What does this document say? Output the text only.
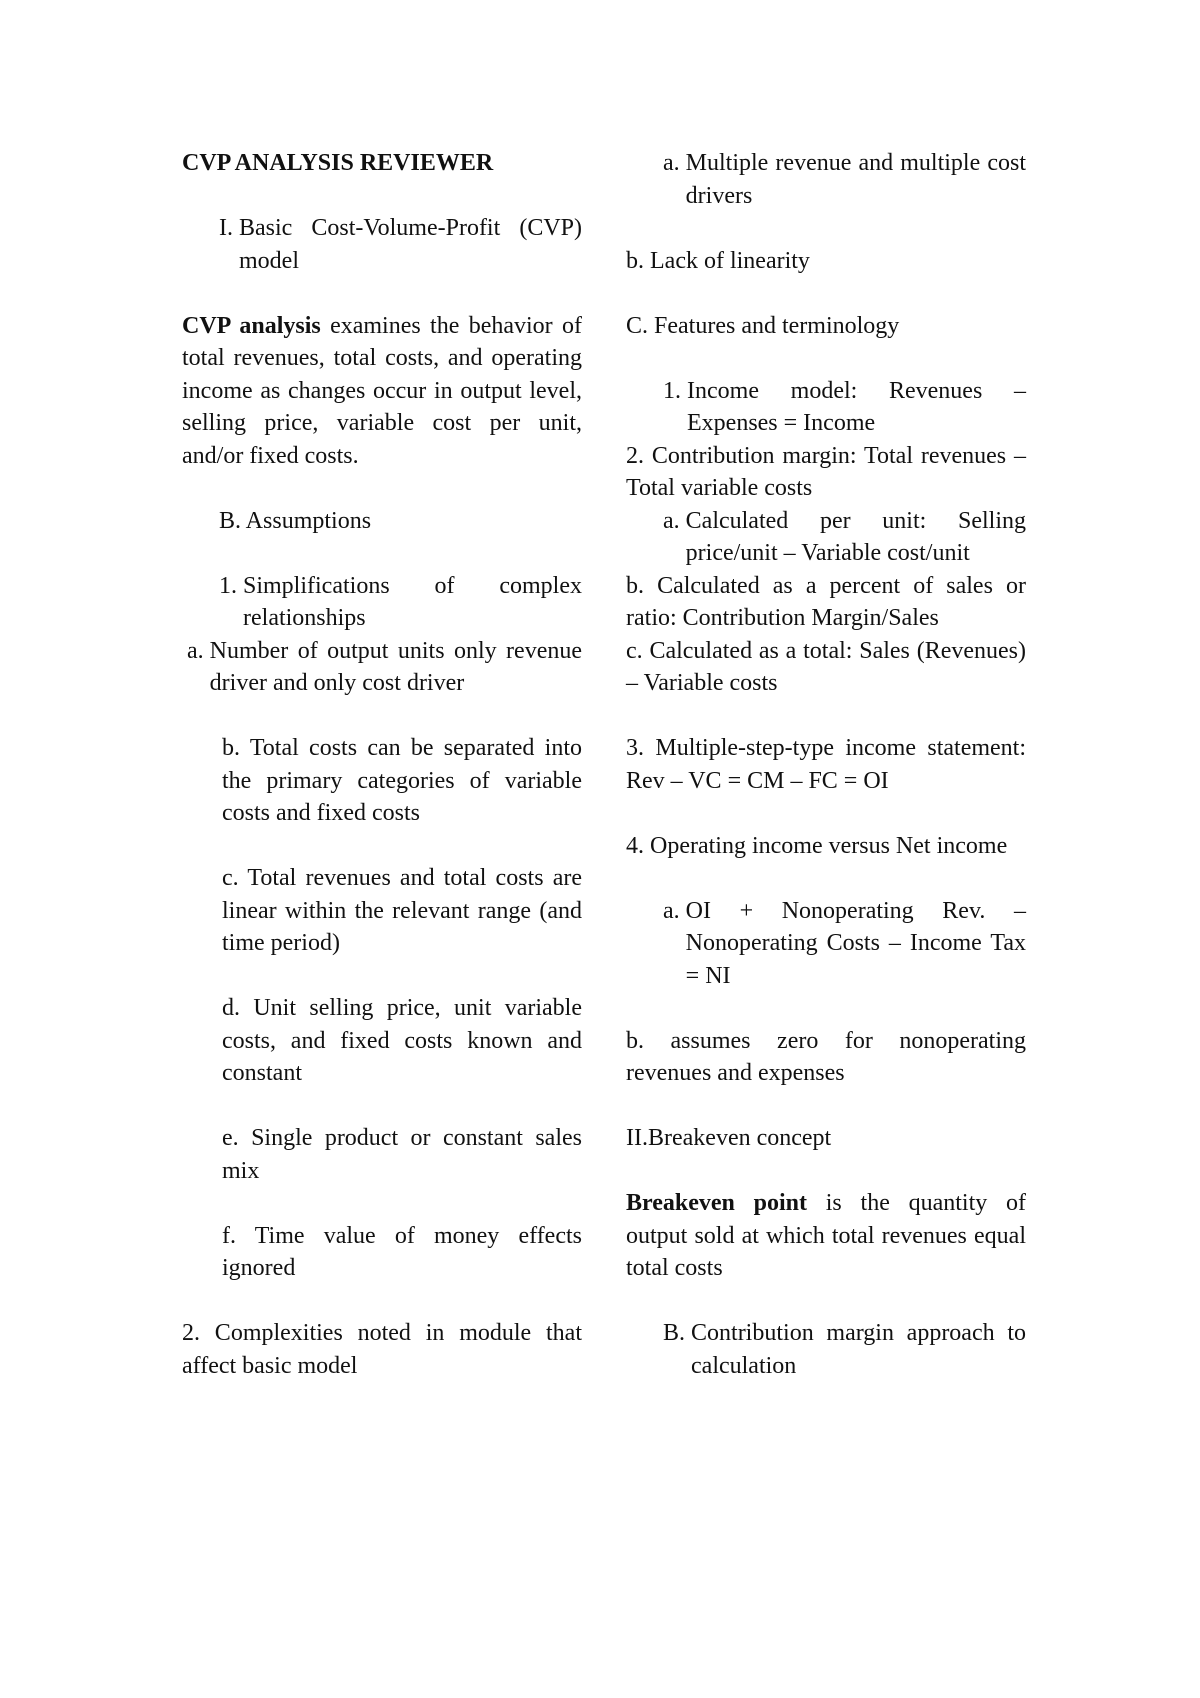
CVP ANALYSIS REVIEWER
I. Basic Cost-Volume-Profit (CVP) model
CVP analysis examines the behavior of total revenues, total costs, and operating income as changes occur in output level, selling price, variable cost per unit, and/or fixed costs.
B. Assumptions
1. Simplifications of complex relationships
a. Number of output units only revenue driver and only cost driver
b. Total costs can be separated into the primary categories of variable costs and fixed costs
c. Total revenues and total costs are linear within the relevant range (and time period)
d. Unit selling price, unit variable costs, and fixed costs known and constant
e. Single product or constant sales mix
f. Time value of money effects ignored
2. Complexities noted in module that affect basic model
a. Multiple revenue and multiple cost drivers
b. Lack of linearity
C. Features and terminology
1. Income model: Revenues – Expenses = Income
2. Contribution margin: Total revenues – Total variable costs
a. Calculated per unit: Selling price/unit – Variable cost/unit
b. Calculated as a percent of sales or ratio: Contribution Margin/Sales
c. Calculated as a total: Sales (Revenues) – Variable costs
3. Multiple-step-type income statement: Rev – VC = CM – FC = OI
4. Operating income versus Net income
a. OI + Nonoperating Rev. – Nonoperating Costs – Income Tax = NI
b. assumes zero for nonoperating revenues and expenses
II.Breakeven concept
Breakeven point is the quantity of output sold at which total revenues equal total costs
B. Contribution margin approach to calculation
